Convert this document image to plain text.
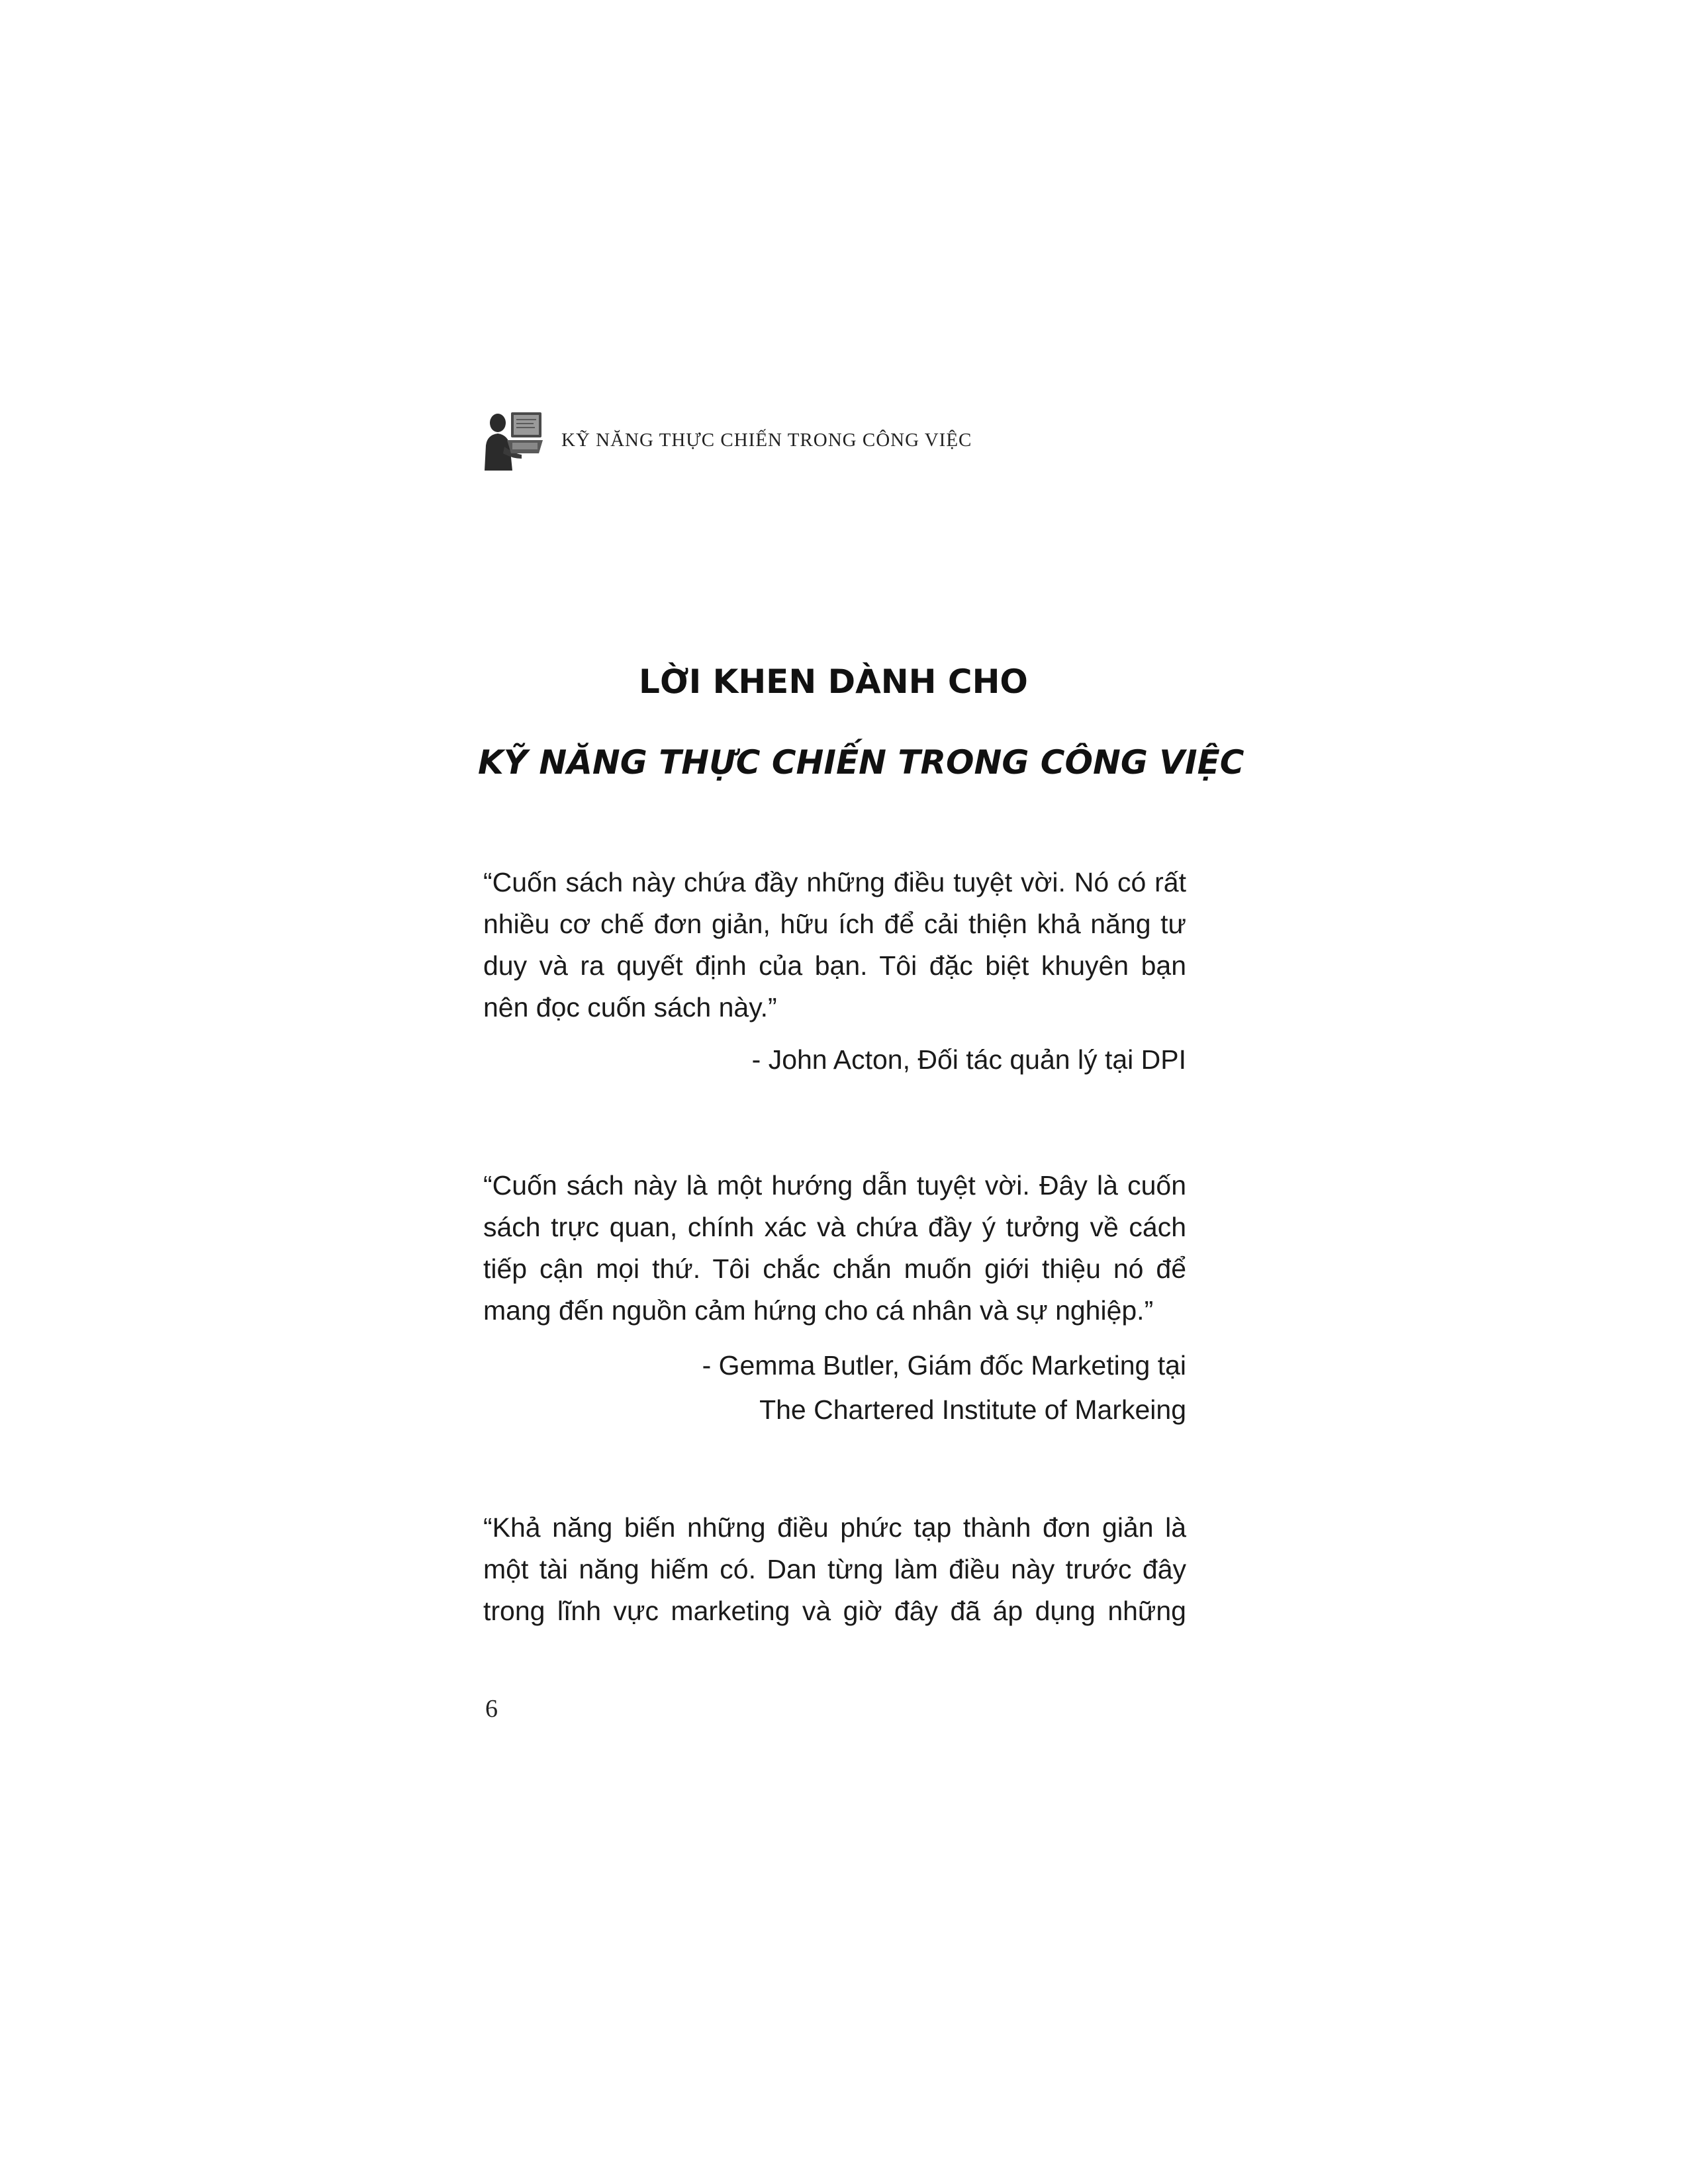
KỸ NĂNG THỰC CHIẾN TRONG CÔNG VIỆC
LỜI KHEN DÀNH CHO
KỸ NĂNG THỰC CHIẾN TRONG CÔNG VIỆC
“Cuốn sách này chứa đầy những điều tuyệt vời. Nó có rất nhiều cơ chế đơn giản, hữu ích để cải thiện khả năng tư duy và ra quyết định của bạn. Tôi đặc biệt khuyên bạn nên đọc cuốn sách này.”
- John Acton, Đối tác quản lý tại DPI
“Cuốn sách này là một hướng dẫn tuyệt vời. Đây là cuốn sách trực quan, chính xác và chứa đầy ý tưởng về cách tiếp cận mọi thứ. Tôi chắc chắn muốn giới thiệu nó để mang đến nguồn cảm hứng cho cá nhân và sự nghiệp.”
- Gemma Butler, Giám đốc Marketing tại
The Chartered Institute of Markeing
“Khả năng biến những điều phức tạp thành đơn giản là một tài năng hiếm có. Dan từng làm điều này trước đây trong lĩnh vực marketing và giờ đây đã áp dụng những
6
